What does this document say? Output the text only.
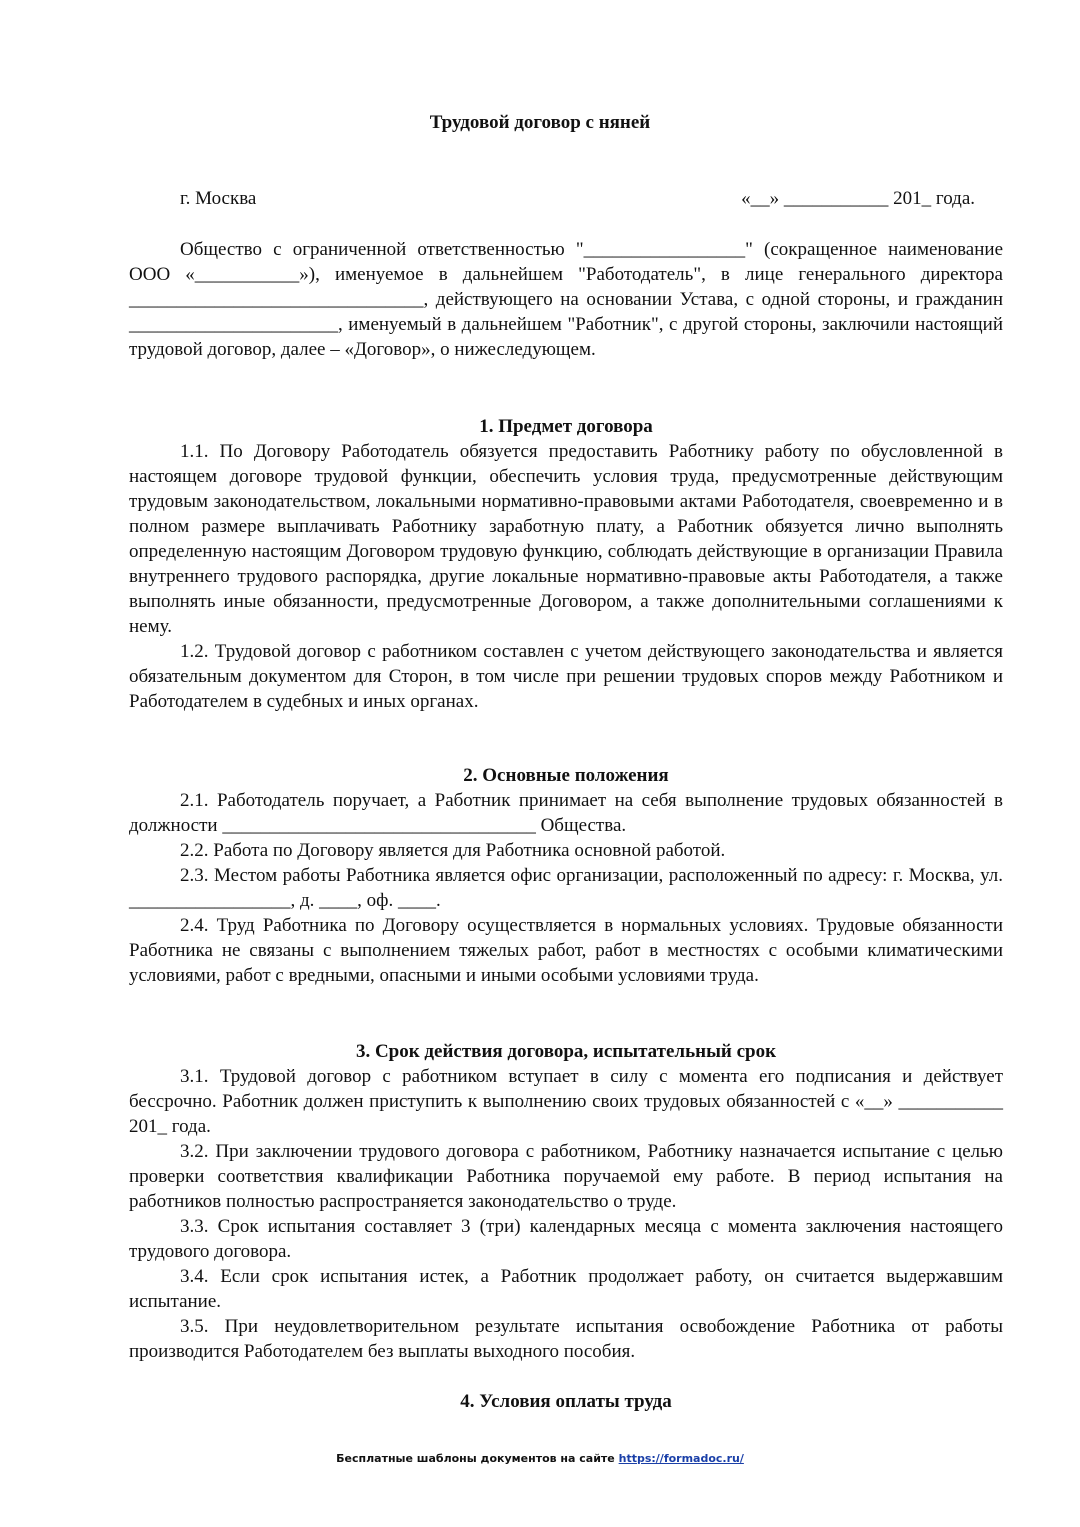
Трудовой договор с няней
г. Москва	«__» ___________ 201_ года.

Общество с ограниченной ответственностью "_________________" (сокращенное наименование ООО «___________»), именуемое в дальнейшем "Работодатель", в лице генерального директора _______________________________, действующего на основании Устава, с одной стороны, и гражданин ______________________, именуемый в дальнейшем "Работник", с другой стороны, заключили настоящий трудовой договор, далее – «Договор», о нижеследующем.

1. Предмет договора

1.1. По Договору Работодатель обязуется предоставить Работнику работу по обусловленной в настоящем договоре трудовой функции, обеспечить условия труда, предусмотренные действующим трудовым законодательством, локальными нормативно-правовыми актами Работодателя, своевременно и в полном размере выплачивать Работнику заработную плату, а Работник обязуется лично выполнять определенную настоящим Договором трудовую функцию, соблюдать действующие в организации Правила внутреннего трудового распорядка, другие локальные нормативно-правовые акты Работодателя, а также выполнять иные обязанности, предусмотренные Договором, а также дополнительными соглашениями к нему.

1.2. Трудовой договор с работником составлен с учетом действующего законодательства и является обязательным документом для Сторон, в том числе при решении трудовых споров между Работником и Работодателем в судебных и иных органах.

2. Основные положения

2.1. Работодатель поручает, а Работник принимает на себя выполнение трудовых обязанностей в должности _________________________________ Общества.

2.2. Работа по Договору является для Работника основной работой.

2.3. Местом работы Работника является офис организации, расположенный по адресу: г. Москва, ул. _________________, д. ____, оф. ____.

2.4. Труд Работника по Договору осуществляется в нормальных условиях. Трудовые обязанности Работника не связаны с выполнением тяжелых работ, работ в местностях с особыми климатическими условиями, работ с вредными, опасными и иными особыми условиями труда.

3. Срок действия договора, испытательный срок

3.1. Трудовой договор с работником вступает в силу с момента его подписания и действует бессрочно. Работник должен приступить к выполнению своих трудовых обязанностей с «__» ___________ 201_ года.

3.2. При заключении трудового договора с работником, Работнику назначается испытание с целью проверки соответствия квалификации Работника поручаемой ему работе. В период испытания на работников полностью распространяется законодательство о труде.

3.3. Срок испытания составляет 3 (три) календарных месяца с момента заключения настоящего трудового договора.

3.4. Если срок испытания истек, а Работник продолжает работу, он считается выдержавшим испытание.

3.5. При неудовлетворительном результате испытания освобождение Работника от работы производится Работодателем без выплаты выходного пособия.

4. Условия оплаты труда

Бесплатные шаблоны документов на сайте https://formadoc.ru/
